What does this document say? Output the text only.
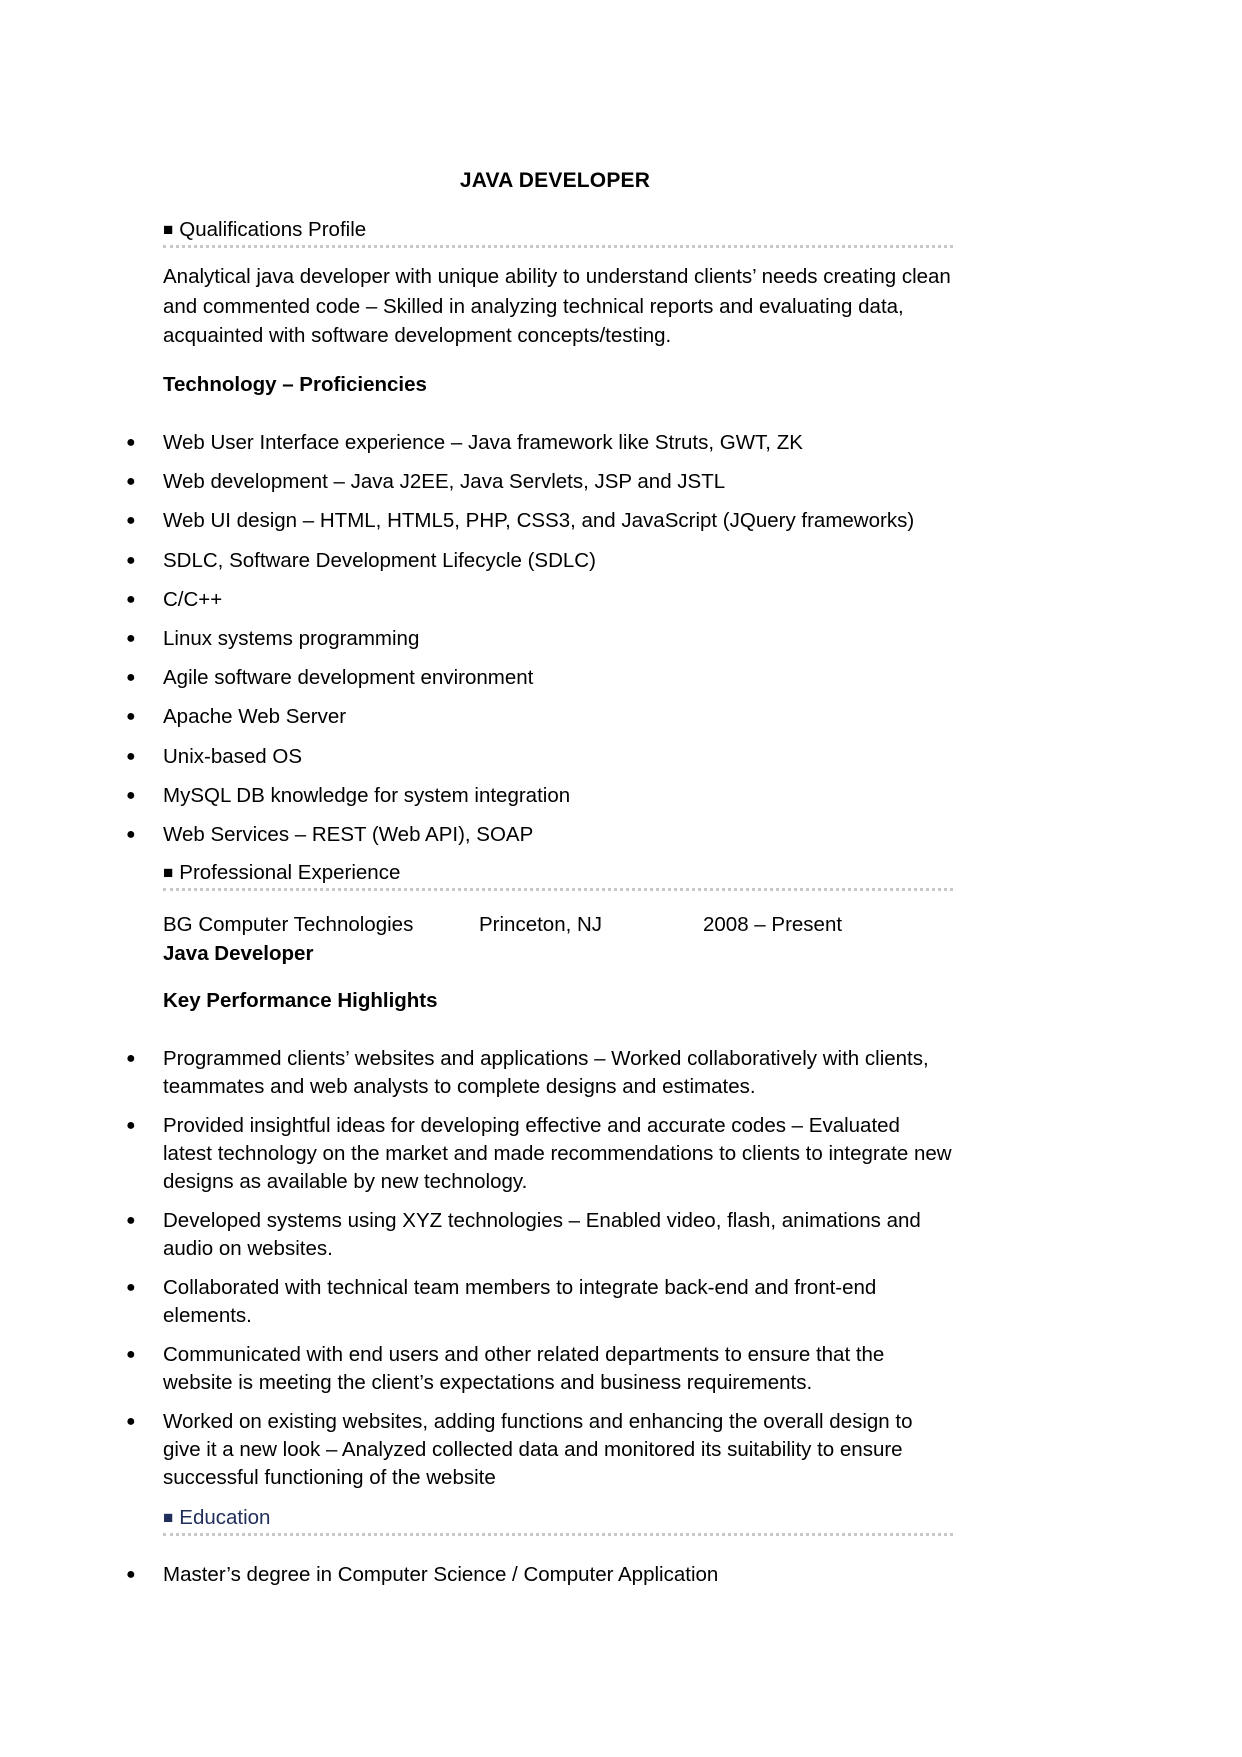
JAVA DEVELOPER
■ Qualifications Profile
Analytical java developer with unique ability to understand clients’ needs creating clean and commented code – Skilled in analyzing technical reports and evaluating data, acquainted with software development concepts/testing.
Technology – Proficiencies
● Web User Interface experience – Java framework like Struts, GWT, ZK
● Web development – Java J2EE, Java Servlets, JSP and JSTL
● Web UI design – HTML, HTML5, PHP, CSS3, and JavaScript (JQuery frameworks)
● SDLC, Software Development Lifecycle (SDLC)
● C/C++
● Linux systems programming
● Agile software development environment
● Apache Web Server
● Unix-based OS
● MySQL DB knowledge for system integration
● Web Services – REST (Web API), SOAP
■ Professional Experience
BG Computer Technologies	Princeton, NJ	2008 – Present
Java Developer
Key Performance Highlights
● Programmed clients’ websites and applications – Worked collaboratively with clients, teammates and web analysts to complete designs and estimates.
● Provided insightful ideas for developing effective and accurate codes – Evaluated latest technology on the market and made recommendations to clients to integrate new designs as available by new technology.
● Developed systems using XYZ technologies – Enabled video, flash, animations and audio on websites.
● Collaborated with technical team members to integrate back-end and front-end elements.
● Communicated with end users and other related departments to ensure that the website is meeting the client’s expectations and business requirements.
● Worked on existing websites, adding functions and enhancing the overall design to give it a new look – Analyzed collected data and monitored its suitability to ensure successful functioning of the website
■ Education
● Master’s degree in Computer Science / Computer Application
